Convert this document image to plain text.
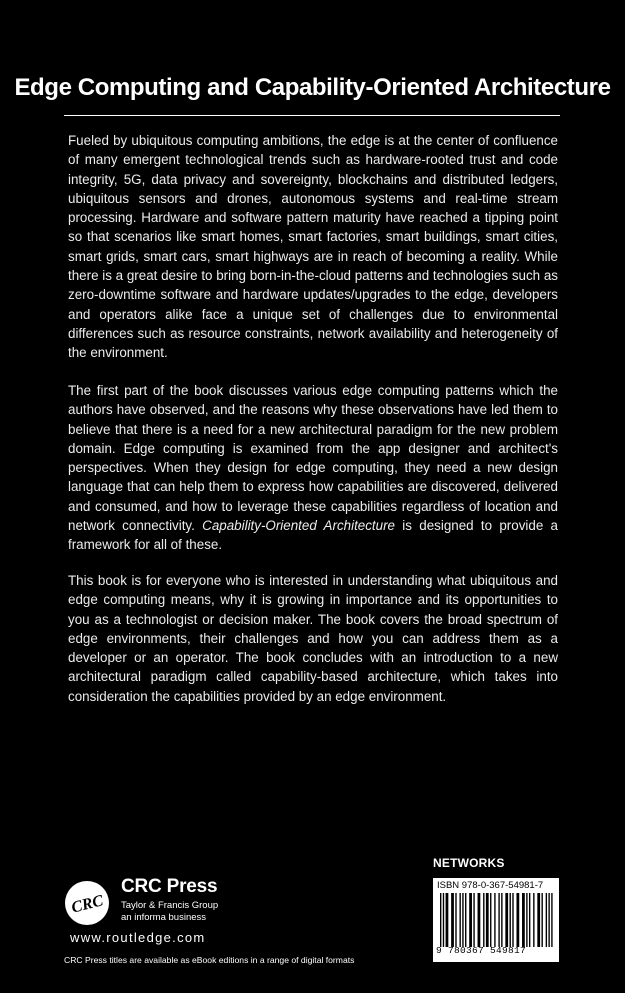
Edge Computing and Capability-Oriented Architecture

Fueled by ubiquitous computing ambitions, the edge is at the center of confluence of many emergent technological trends such as hardware-rooted trust and code integrity, 5G, data privacy and sovereignty, blockchains and distributed ledgers, ubiquitous sensors and drones, autonomous systems and real-time stream processing. Hardware and software pattern maturity have reached a tipping point so that scenarios like smart homes, smart factories, smart buildings, smart cities, smart grids, smart cars, smart highways are in reach of becoming a reality. While there is a great desire to bring born-in-the-cloud patterns and technologies such as zero-downtime software and hardware updates/upgrades to the edge, developers and operators alike face a unique set of challenges due to environmental differences such as resource constraints, network availability and heterogeneity of the environment.

The first part of the book discusses various edge computing patterns which the authors have observed, and the reasons why these observations have led them to believe that there is a need for a new architectural paradigm for the new problem domain. Edge computing is examined from the app designer and architect's perspectives. When they design for edge computing, they need a new design language that can help them to express how capabilities are discovered, delivered and consumed, and how to leverage these capabilities regardless of location and network connectivity. Capability-Oriented Architecture is designed to provide a framework for all of these.

This book is for everyone who is interested in understanding what ubiquitous and edge computing means, why it is growing in importance and its opportunities to you as a technologist or decision maker. The book covers the broad spectrum of edge environments, their challenges and how you can address them as a developer or an operator. The book concludes with an introduction to a new architectural paradigm called capability-based architecture, which takes into consideration the capabilities provided by an edge environment.

NETWORKS
ISBN 978-0-367-54981-7
9 780367 549817
CRC
CRC Press
Taylor & Francis Group
an informa business
www.routledge.com
CRC Press titles are available as eBook editions in a range of digital formats
